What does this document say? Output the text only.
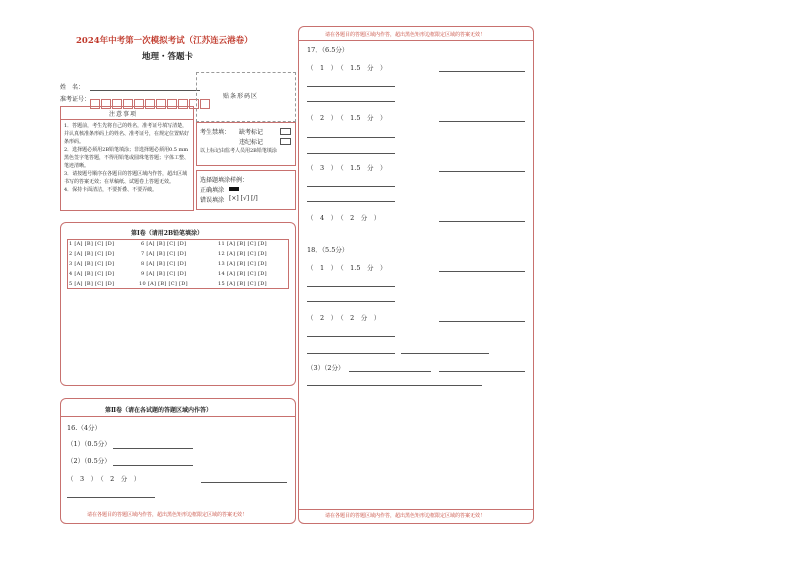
2024年中考第一次模拟考试（江苏连云港卷）
地理・答题卡
姓　名：
准考证号：	贴条形码区
注意事项
1．答题前，考生先将自己的姓名，准考证号填写清楚，并认真核准条形码上的姓名、准考证号，在规定位置贴好条形码。
2．选择题必须用2B铅笔填涂；非选择题必须用0.5 mm黑色签字笔答题，不得用铅笔或圆珠笔答题；字体工整、笔迹清晰。
3．请按题号顺序在各题目的答题区域内作答，超出区域书写的答案无效；在草稿纸、试题卷上答题无效。
4．保持卡面清洁，不要折叠、不要弄破。
考生禁填： 缺考标记
违纪标记
以上标记由监考人员用2B铅笔填涂
选择题填涂样例：
正确填涂
错误填涂 [×] [√] [/]
第Ⅰ卷（请用2B铅笔填涂）
1 [A] [B] [C] [D]
2 [A] [B] [C] [D]
3 [A] [B] [C] [D]
4 [A] [B] [C] [D]
5 [A] [B] [C] [D]
6 [A] [B] [C] [D]
7 [A] [B] [C] [D]
8 [A] [B] [C] [D]
9 [A] [B] [C] [D]
10 [A] [B] [C] [D]
11 [A] [B] [C] [D]
12 [A] [B] [C] [D]
13 [A] [B] [C] [D]
14 [A] [B] [C] [D]
15 [A] [B] [C] [D]
第Ⅱ卷（请在各试题的答题区域内作答）
16.（4分）
（1）（0.5分）
（2）（0.5分）
（　3　）　（　2　分　）
请在各题目的答题区域内作答，超出黑色矩形边框限定区域的答案无效！
请在各题目的答题区域内作答，超出黑色矩形边框限定区域的答案无效！
17．（6.5分）
（　1　）　（　1.5　分　）
（　2　）　（　1.5　分　）
（　3　）　（　1.5　分　）
（　4　）　（　2　分　）
18．（5.5分）
（　1　）　（　1.5　分　）
（　2　）　（　2　分　）
（3）（2分）
请在各题目的答题区域内作答，超出黑色矩形边框限定区域的答案无效！
